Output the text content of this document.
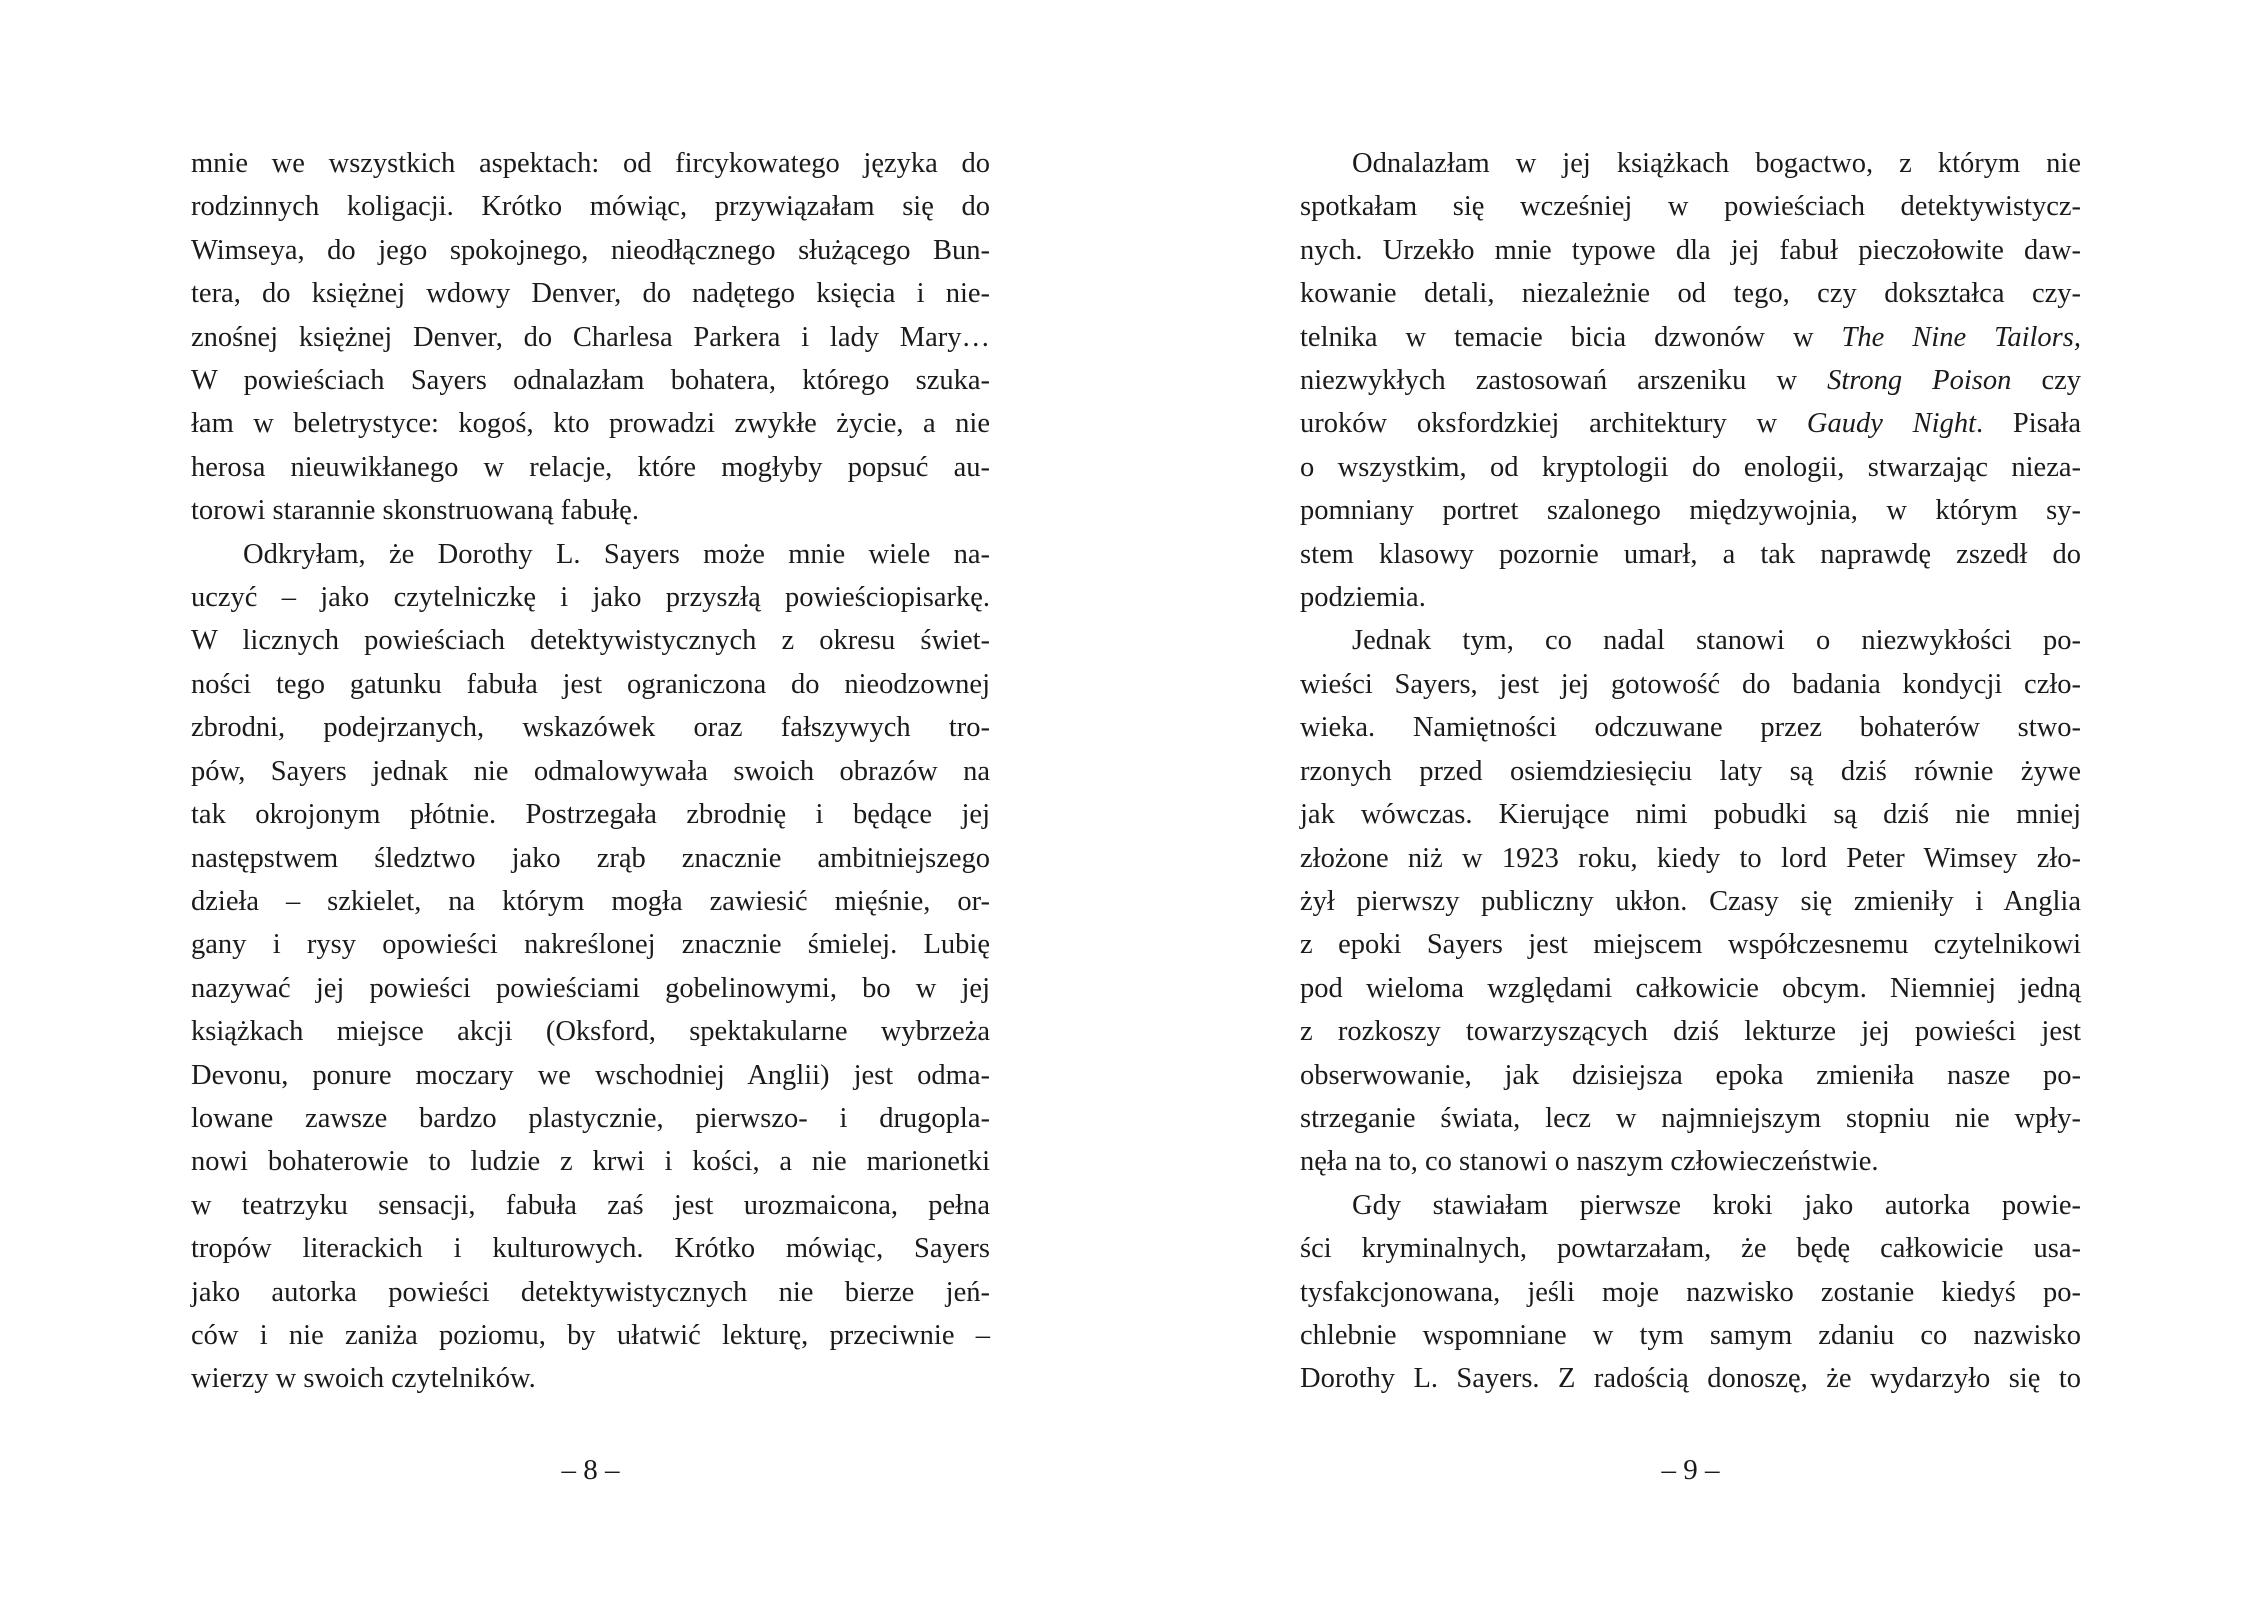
mnie we wszystkich aspektach: od fircykowatego języka do
rodzinnych koligacji. Krótko mówiąc, przywiązałam się do
Wimseya, do jego spokojnego, nieodłącznego służącego Bun-
tera, do księżnej wdowy Denver, do nadętego księcia i nie-
znośnej księżnej Denver, do Charlesa Parkera i lady Mary…
W powieściach Sayers odnalazłam bohatera, którego szuka-
łam w beletrystyce: kogoś, kto prowadzi zwykłe życie, a nie
herosa nieuwikłanego w relacje, które mogłyby popsuć au-
torowi starannie skonstruowaną fabułę.
Odkryłam, że Dorothy L. Sayers może mnie wiele na-
uczyć – jako czytelniczkę i jako przyszłą powieściopisarkę.
W licznych powieściach detektywistycznych z okresu świet-
ności tego gatunku fabuła jest ograniczona do nieodzownej
zbrodni, podejrzanych, wskazówek oraz fałszywych tro-
pów, Sayers jednak nie odmalowywała swoich obrazów na
tak okrojonym płótnie. Postrzegała zbrodnię i będące jej
następstwem śledztwo jako zrąb znacznie ambitniejszego
dzieła – szkielet, na którym mogła zawiesić mięśnie, or-
gany i rysy opowieści nakreślonej znacznie śmielej. Lubię
nazywać jej powieści powieściami gobelinowymi, bo w jej
książkach miejsce akcji (Oksford, spektakularne wybrzeża
Devonu, ponure moczary we wschodniej Anglii) jest odma-
lowane zawsze bardzo plastycznie, pierwszo- i drugopla-
nowi bohaterowie to ludzie z krwi i kości, a nie marionetki
w teatrzyku sensacji, fabuła zaś jest urozmaicona, pełna
tropów literackich i kulturowych. Krótko mówiąc, Sayers
jako autorka powieści detektywistycznych nie bierze jeń-
ców i nie zaniża poziomu, by ułatwić lekturę, przeciwnie –
wierzy w swoich czytelników.
Odnalazłam w jej książkach bogactwo, z którym nie
spotkałam się wcześniej w powieściach detektywistycz-
nych. Urzekło mnie typowe dla jej fabuł pieczołowite daw-
kowanie detali, niezależnie od tego, czy dokształca czy-
telnika w temacie bicia dzwonów w The Nine Tailors,
niezwykłych zastosowań arszeniku w Strong Poison czy
uroków oksfordzkiej architektury w Gaudy Night. Pisała
o wszystkim, od kryptologii do enologii, stwarzając nieza-
pomniany portret szalonego międzywojnia, w którym sy-
stem klasowy pozornie umarł, a tak naprawdę zszedł do
podziemia.
Jednak tym, co nadal stanowi o niezwykłości po-
wieści Sayers, jest jej gotowość do badania kondycji czło-
wieka. Namiętności odczuwane przez bohaterów stwo-
rzonych przed osiemdziesięciu laty są dziś równie żywe
jak wówczas. Kierujące nimi pobudki są dziś nie mniej
złożone niż w 1923 roku, kiedy to lord Peter Wimsey zło-
żył pierwszy publiczny ukłon. Czasy się zmieniły i Anglia
z epoki Sayers jest miejscem współczesnemu czytelnikowi
pod wieloma względami całkowicie obcym. Niemniej jedną
z rozkoszy towarzyszących dziś lekturze jej powieści jest
obserwowanie, jak dzisiejsza epoka zmieniła nasze po-
strzeganie świata, lecz w najmniejszym stopniu nie wpły-
nęła na to, co stanowi o naszym człowieczeństwie.
Gdy stawiałam pierwsze kroki jako autorka powie-
ści kryminalnych, powtarzałam, że będę całkowicie usa-
tysfakcjonowana, jeśli moje nazwisko zostanie kiedyś po-
chlebnie wspomniane w tym samym zdaniu co nazwisko
Dorothy L. Sayers. Z radością donoszę, że wydarzyło się to
– 8 –	– 9 –
